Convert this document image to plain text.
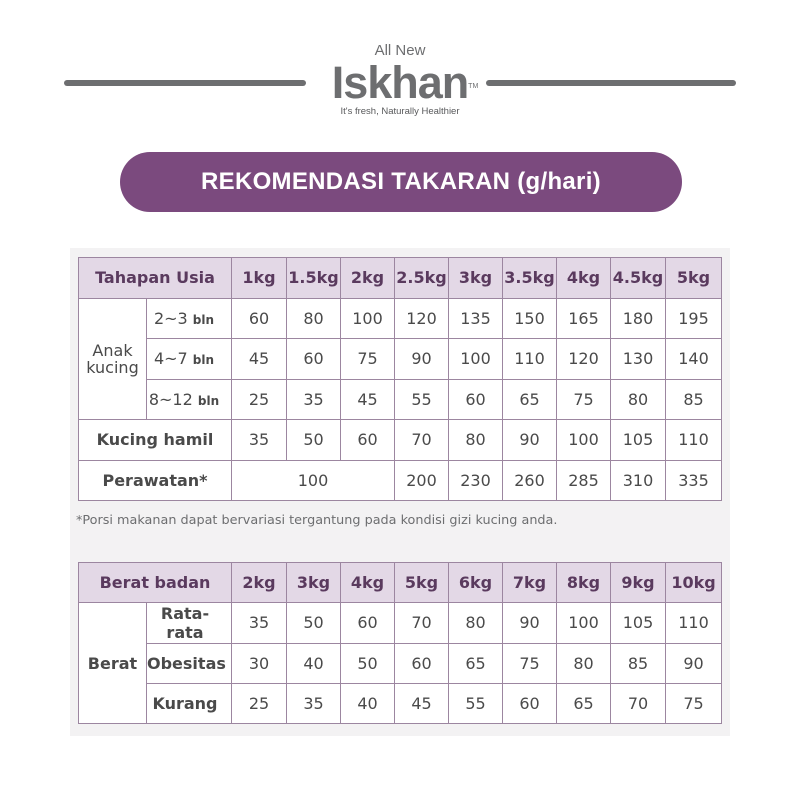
All New
Iskhan TM
It's fresh, Naturally Healthier
REKOMENDASI TAKARAN (g/hari)
Tahapan Usia		1kg	1.5kg	2kg	2.5kg	3kg	3.5kg	4kg	4.5kg	5kg
Anak kucing	2~3 bln	60	80	100	120	135	150	165	180	195
	4~7 bln	45	60	75	90	100	110	120	130	140
	8~12 bln	25	35	45	55	60	65	75	80	85
Kucing hamil		35	50	60	70	80	90	100	105	110
Perawatan*		100			200	230	260	285	310	335
*Porsi makanan dapat bervariasi tergantung pada kondisi gizi kucing anda.
Berat badan		2kg	3kg	4kg	5kg	6kg	7kg	8kg	9kg	10kg
Berat	Rata-rata	35	50	60	70	80	90	100	105	110
	Obesitas	30	40	50	60	65	75	80	85	90
	Kurang	25	35	40	45	55	60	65	70	75
